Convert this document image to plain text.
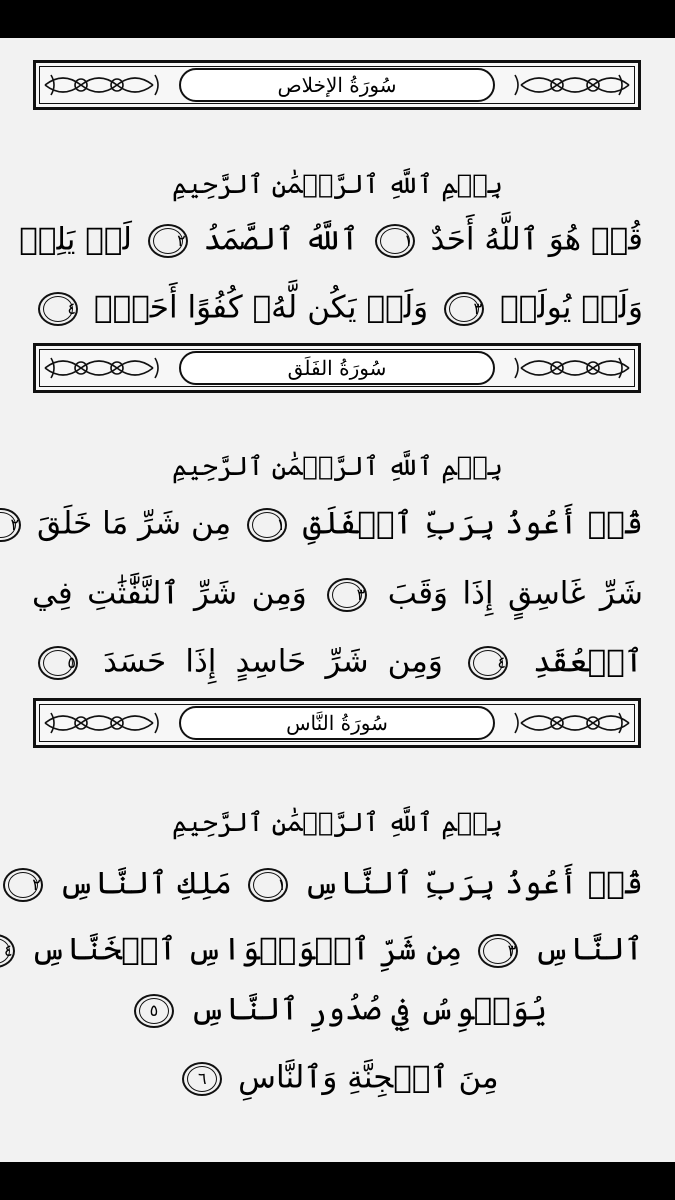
سُورَةُ الإخلاص
بِسۡمِ ٱللَّهِ ٱلرَّحۡمَٰنِ ٱلرَّحِيمِ
قُلۡ هُوَ ٱللَّهُ أَحَدٌ ١ ٱللَّهُ ٱلصَّمَدُ ٢ لَمۡ يَلِدۡ
وَلَمۡ يُولَدۡ ٣ وَلَمۡ يَكُن لَّهُۥ كُفُوًا أَحَدُۢ ٤
سُورَةُ الفَلَق
بِسۡمِ ٱللَّهِ ٱلرَّحۡمَٰنِ ٱلرَّحِيمِ
قُلۡ أَعُوذُ بِرَبِّ ٱلۡفَلَقِ ١ مِن شَرِّ مَا خَلَقَ ٢
شَرِّ غَاسِقٍ إِذَا وَقَبَ ٣ وَمِن شَرِّ ٱلنَّفَّٰثَٰتِ فِي
ٱلۡعُقَدِ ٤ وَمِن شَرِّ حَاسِدٍ إِذَا حَسَدَ ٥
سُورَةُ النَّاس
بِسۡمِ ٱللَّهِ ٱلرَّحۡمَٰنِ ٱلرَّحِيمِ
قُلۡ أَعُوذُ بِرَبِّ ٱلنَّاسِ ١ مَلِكِ ٱلنَّاسِ ٢
ٱلنَّاسِ ٣ مِن شَرِّ ٱلۡوَسۡوَاسِ ٱلۡخَنَّاسِ ٤
يُوَسۡوِسُ فِي صُدُورِ ٱلنَّاسِ ٥
مِنَ ٱلۡجِنَّةِ وَٱلنَّاسِ ٦
